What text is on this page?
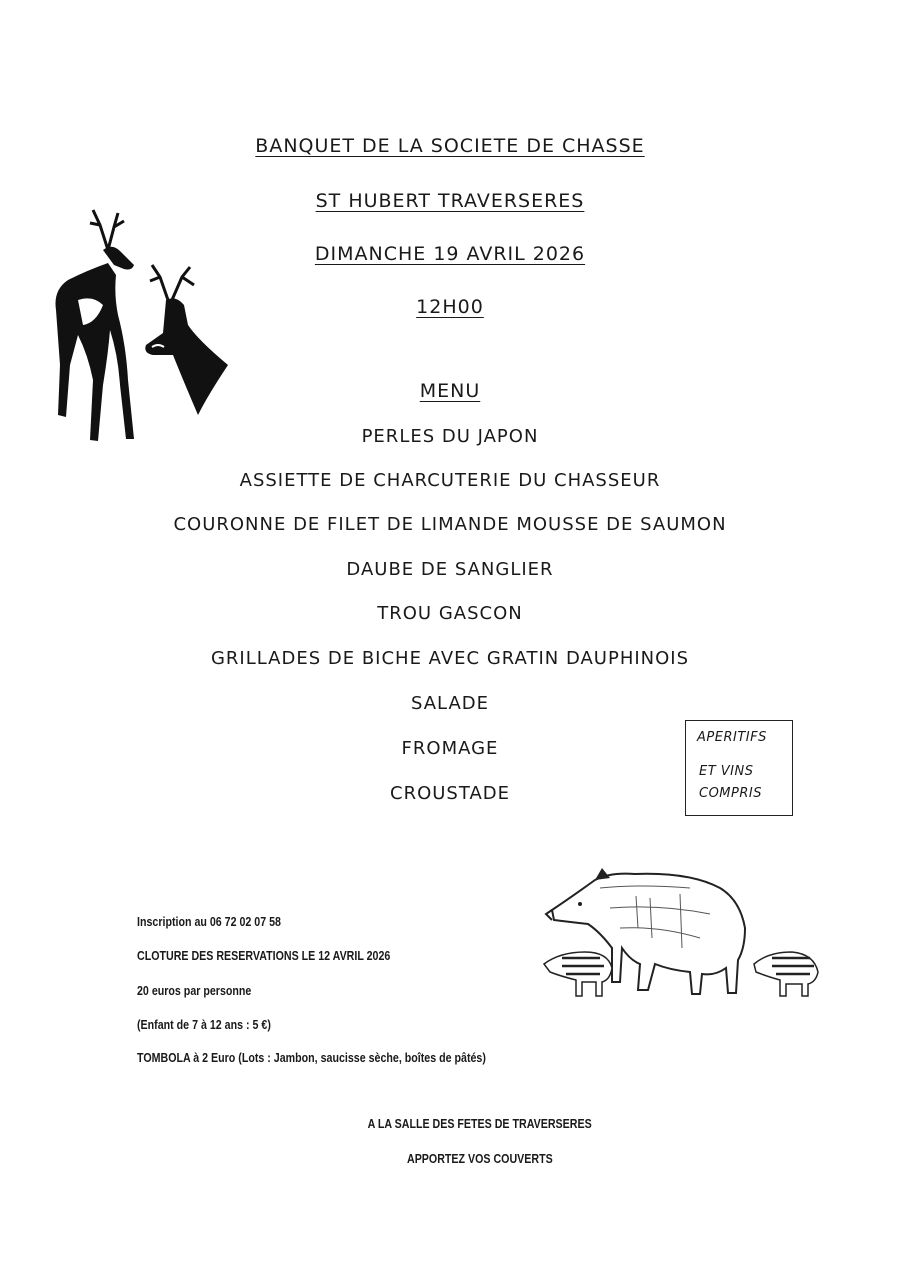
BANQUET DE LA SOCIETE DE CHASSE
ST HUBERT TRAVERSERES
DIMANCHE 19 AVRIL 2026
12H00
MENU
PERLES DU JAPON
ASSIETTE DE CHARCUTERIE DU CHASSEUR
COURONNE DE FILET DE LIMANDE MOUSSE DE SAUMON
DAUBE DE SANGLIER
TROU GASCON
GRILLADES DE BICHE AVEC GRATIN DAUPHINOIS
SALADE
FROMAGE
CROUSTADE
APERITIFS
ET VINS
COMPRIS
Inscription au 06 72 02 07 58
CLOTURE DES RESERVATIONS LE 12 AVRIL 2026
20 euros par personne
(Enfant de 7 à 12 ans : 5 €)
TOMBOLA à 2 Euro (Lots : Jambon, saucisse sèche, boîtes de pâtés)
A LA SALLE DES FETES DE TRAVERSERES
APPORTEZ VOS COUVERTS
